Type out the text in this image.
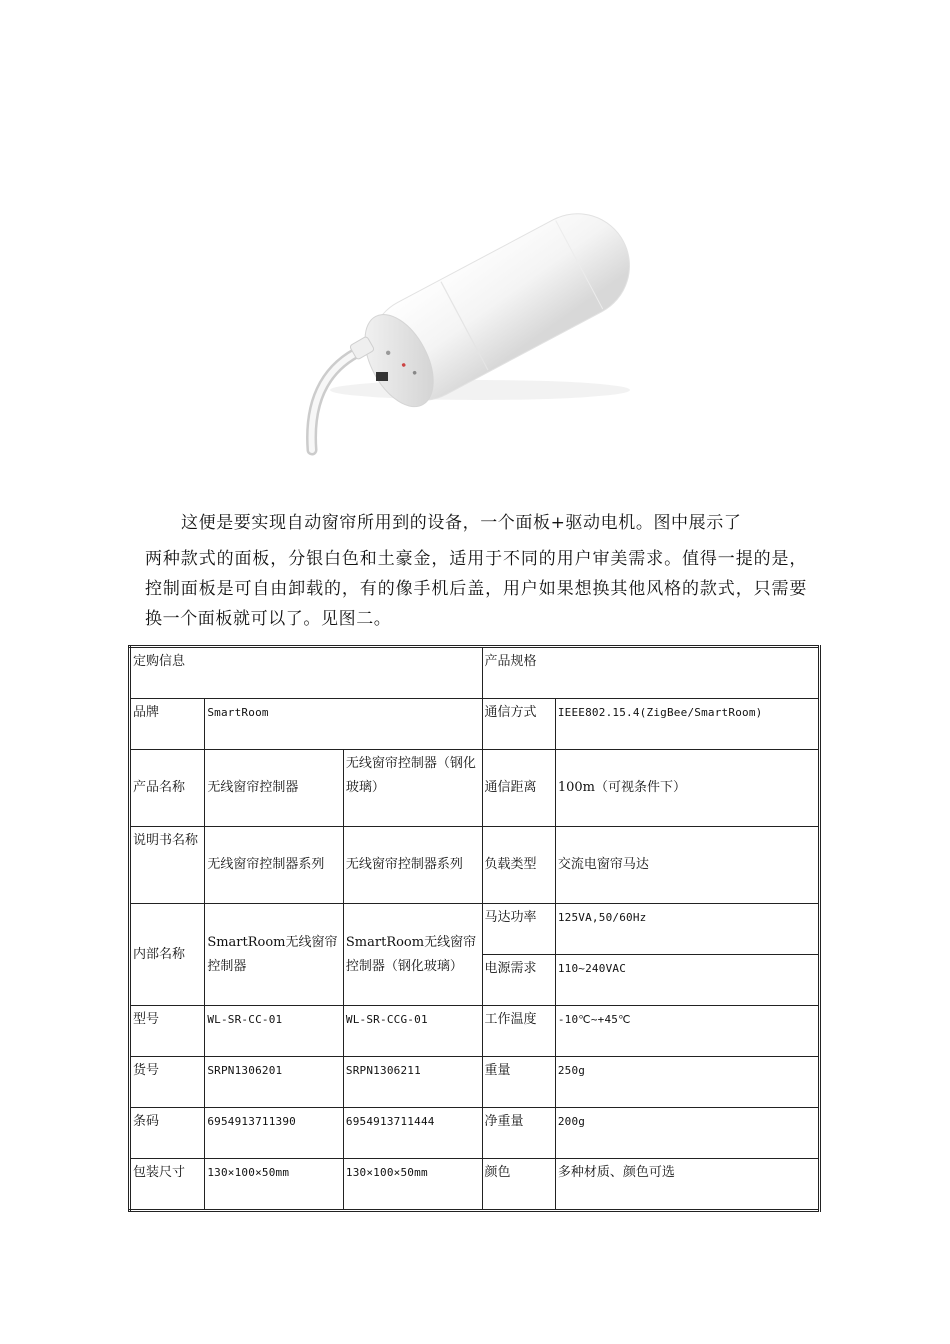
这便是要实现自动窗帘所用到的设备，一个面板+驱动电机。图中展示了

两种款式的面板，分银白色和土豪金，适用于不同的用户审美需求。值得一提的是，控制面板是可自由卸载的，有的像手机后盖，用户如果想换其他风格的款式，只需要换一个面板就可以了。见图二。

定购信息			产品规格	
品牌	SmartRoom		通信方式	IEEE802.15.4(ZigBee/SmartRoom)
产品名称	无线窗帘控制器	无线窗帘控制器（钢化玻璃）	通信距离	100m（可视条件下）
说明书名称	无线窗帘控制器系列	无线窗帘控制器系列	负载类型	交流电窗帘马达
内部名称	SmartRoom无线窗帘控制器	SmartRoom无线窗帘控制器（钢化玻璃）	马达功率	125VA,50/60Hz
			电源需求	110~240VAC
型号	WL-SR-CC-01	WL-SR-CCG-01	工作温度	-10℃~+45℃
货号	SRPN1306201	SRPN1306211	重量	250g
条码	6954913711390	6954913711444	净重量	200g
包装尺寸	130×100×50mm	130×100×50mm	颜色	多种材质、颜色可选
